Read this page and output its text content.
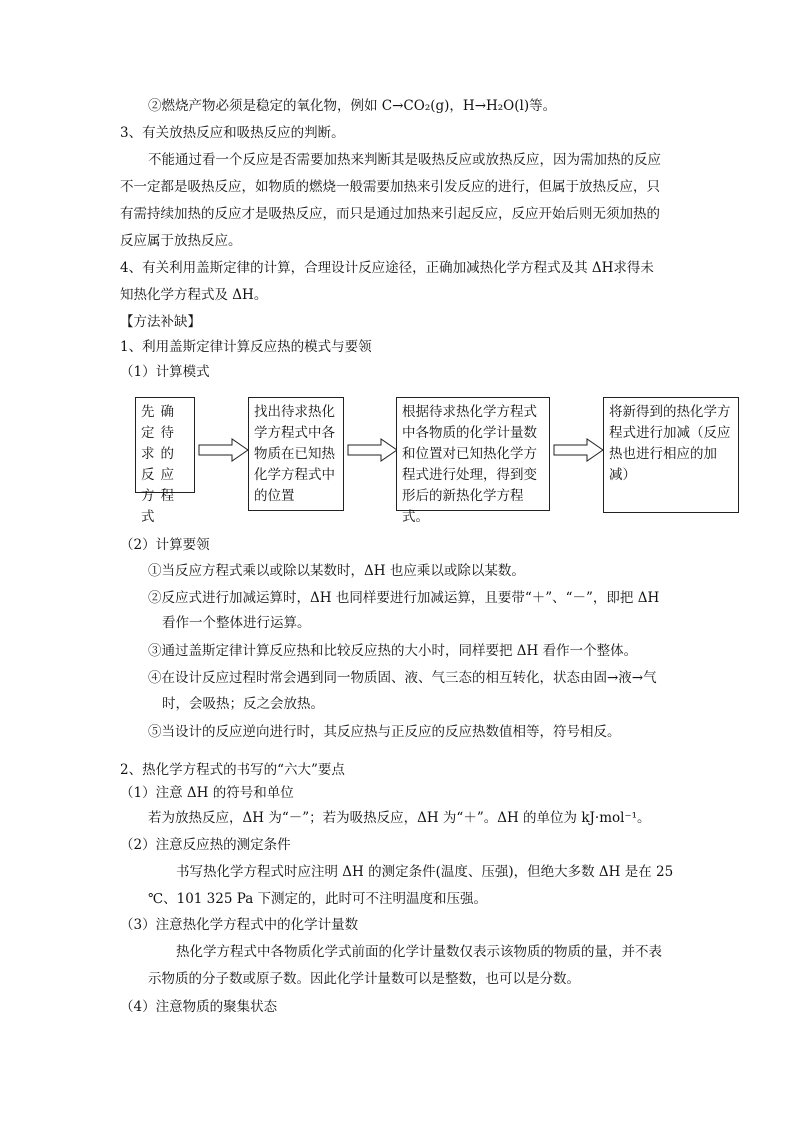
②燃烧产物必须是稳定的氧化物，例如 C→CO₂(g)，H→H₂O(l)等。
3、有关放热反应和吸热反应的判断。
不能通过看一个反应是否需要加热来判断其是吸热反应或放热反应，因为需加热的反应
不一定都是吸热反应，如物质的燃烧一般需要加热来引发反应的进行，但属于放热反应，只
有需持续加热的反应才是吸热反应，而只是通过加热来引起反应，反应开始后则无须加热的
反应属于放热反应。
4、有关利用盖斯定律的计算，合理设计反应途径，正确加减热化学方程式及其 ΔH求得未
知热化学方程式及 ΔH。
【方法补缺】
1、利用盖斯定律计算反应热的模式与要领
（1）计算模式
先确定待求的反应方程式
找出待求热化学方程式中各物质在已知热化学方程式中的位置
根据待求热化学方程式中各物质的化学计量数和位置对已知热化学方程式进行处理，得到变形后的新热化学方程式。
将新得到的热化学方程式进行加减（反应热也进行相应的加减）
（2）计算要领
①当反应方程式乘以或除以某数时，ΔH 也应乘以或除以某数。
②反应式进行加减运算时，ΔH 也同样要进行加减运算，且要带“＋”、“－”，即把 ΔH
看作一个整体进行运算。
③通过盖斯定律计算反应热和比较反应热的大小时，同样要把 ΔH 看作一个整体。
④在设计反应过程时常会遇到同一物质固、液、气三态的相互转化，状态由固→液→气
时，会吸热；反之会放热。
⑤当设计的反应逆向进行时，其反应热与正反应的反应热数值相等，符号相反。
2、热化学方程式的书写的“六大”要点
（1）注意 ΔH 的符号和单位
若为放热反应，ΔH 为“－”；若为吸热反应，ΔH 为“＋”。ΔH 的单位为 kJ·mol⁻¹。
（2）注意反应热的测定条件
书写热化学方程式时应注明 ΔH 的测定条件(温度、压强)，但绝大多数 ΔH 是在 25
℃、101 325 Pa 下测定的，此时可不注明温度和压强。
（3）注意热化学方程式中的化学计量数
热化学方程式中各物质化学式前面的化学计量数仅表示该物质的物质的量，并不表
示物质的分子数或原子数。因此化学计量数可以是整数，也可以是分数。
（4）注意物质的聚集状态
